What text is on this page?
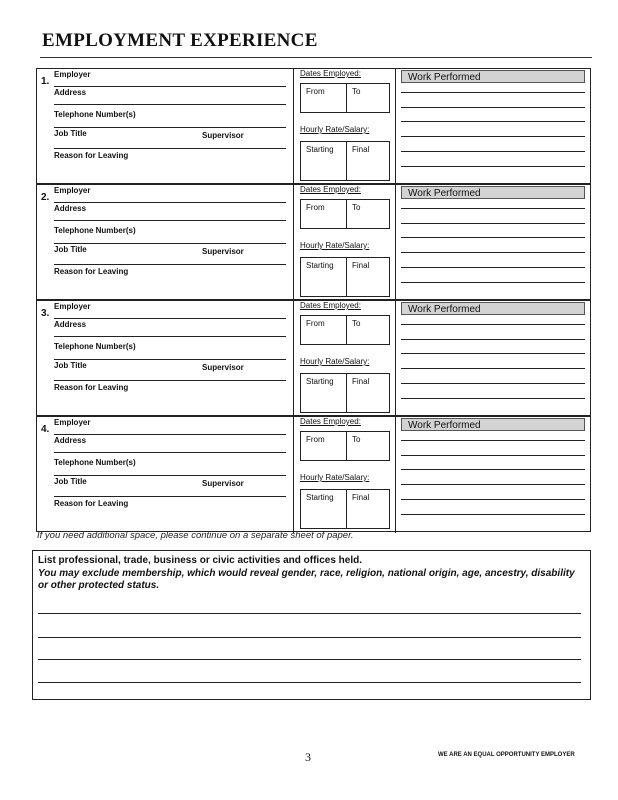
EMPLOYMENT EXPERIENCE
1.
Employer
Address
Telephone Number(s)
Job Title	Supervisor
Reason for Leaving
Dates Employed:
From	To
Hourly Rate/Salary:
Starting	Final
Work Performed
2.
Employer
Address
Telephone Number(s)
Job Title	Supervisor
Reason for Leaving
Dates Employed:
From	To
Hourly Rate/Salary:
Starting	Final
Work Performed
3.
Employer
Address
Telephone Number(s)
Job Title	Supervisor
Reason for Leaving
Dates Employed:
From	To
Hourly Rate/Salary:
Starting	Final
Work Performed
4.
Employer
Address
Telephone Number(s)
Job Title	Supervisor
Reason for Leaving
Dates Employed:
From	To
Hourly Rate/Salary:
Starting	Final
Work Performed
If you need additional space, please continue on a separate sheet of paper.
List professional, trade, business or civic activities and offices held.
You may exclude membership, which would reveal gender, race, religion, national origin, age, ancestry, disability or other protected status.
3	WE ARE AN EQUAL OPPORTUNITY EMPLOYER
